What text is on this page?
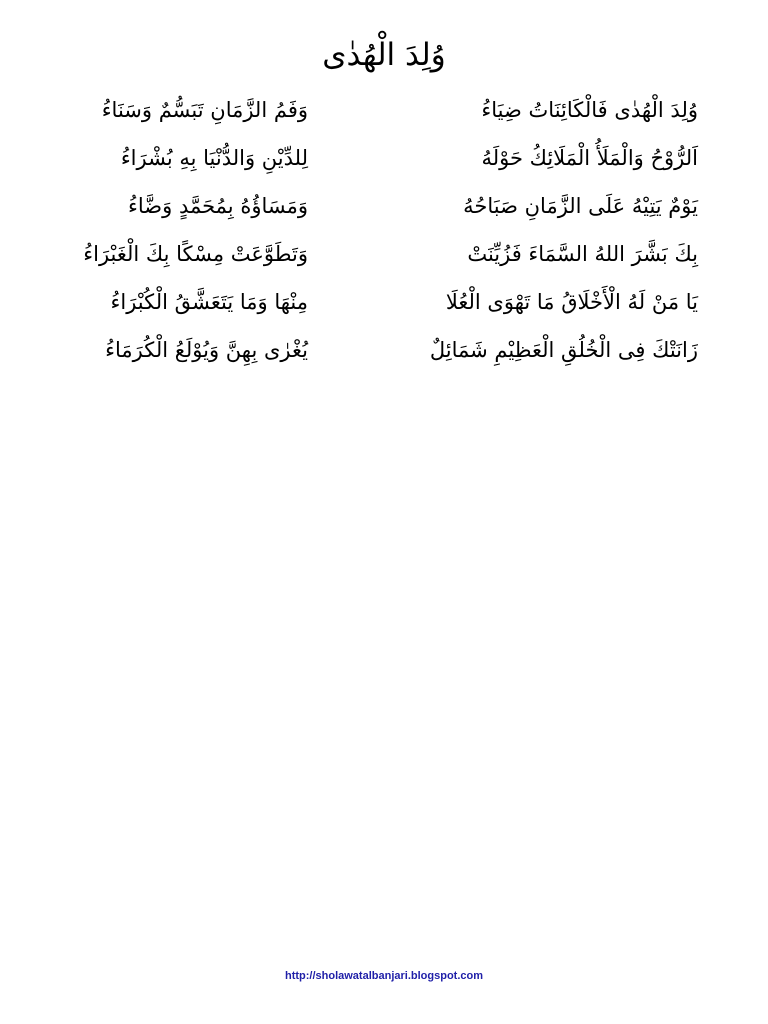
وُلِدَ الْهُدٰى
وُلِدَ الْهُدٰى فَالْكَائِنَاتُ ضِيَاءُ
وَفَمُ الزَّمَانِ تَبَسُّمٌ وَسَنَاءُ
اَلرُّوْحُ وَالْمَلَأُ الْمَلَائِكُ حَوْلَهُ
لِلدِّيْنِ وَالدُّنْيَا بِهِ بُشْرَاءُ
يَوْمٌ يَتِيْهُ عَلَى الزَّمَانِ صَبَاحُهُ
وَمَسَاؤُهُ بِمُحَمَّدٍ وَضَّاءُ
بِكَ بَشَّرَ اللهُ السَّمَاءَ فَزُيِّنَتْ
وَتَطَوَّعَتْ مِسْكًا بِكَ الْغَبْرَاءُ
يَا مَنْ لَهُ الْأَخْلَاقُ مَا تَهْوَى الْعُلَا
مِنْهَا وَمَا يَتَعَشَّقُ الْكُبْرَاءُ
زَانَتْكَ فِى الْخُلُقِ الْعَظِيْمِ شَمَائِلٌ
يُغْرٰى بِهِنَّ وَيُوْلَعُ الْكُرَمَاءُ
http://sholawatalbanjari.blogspot.com
